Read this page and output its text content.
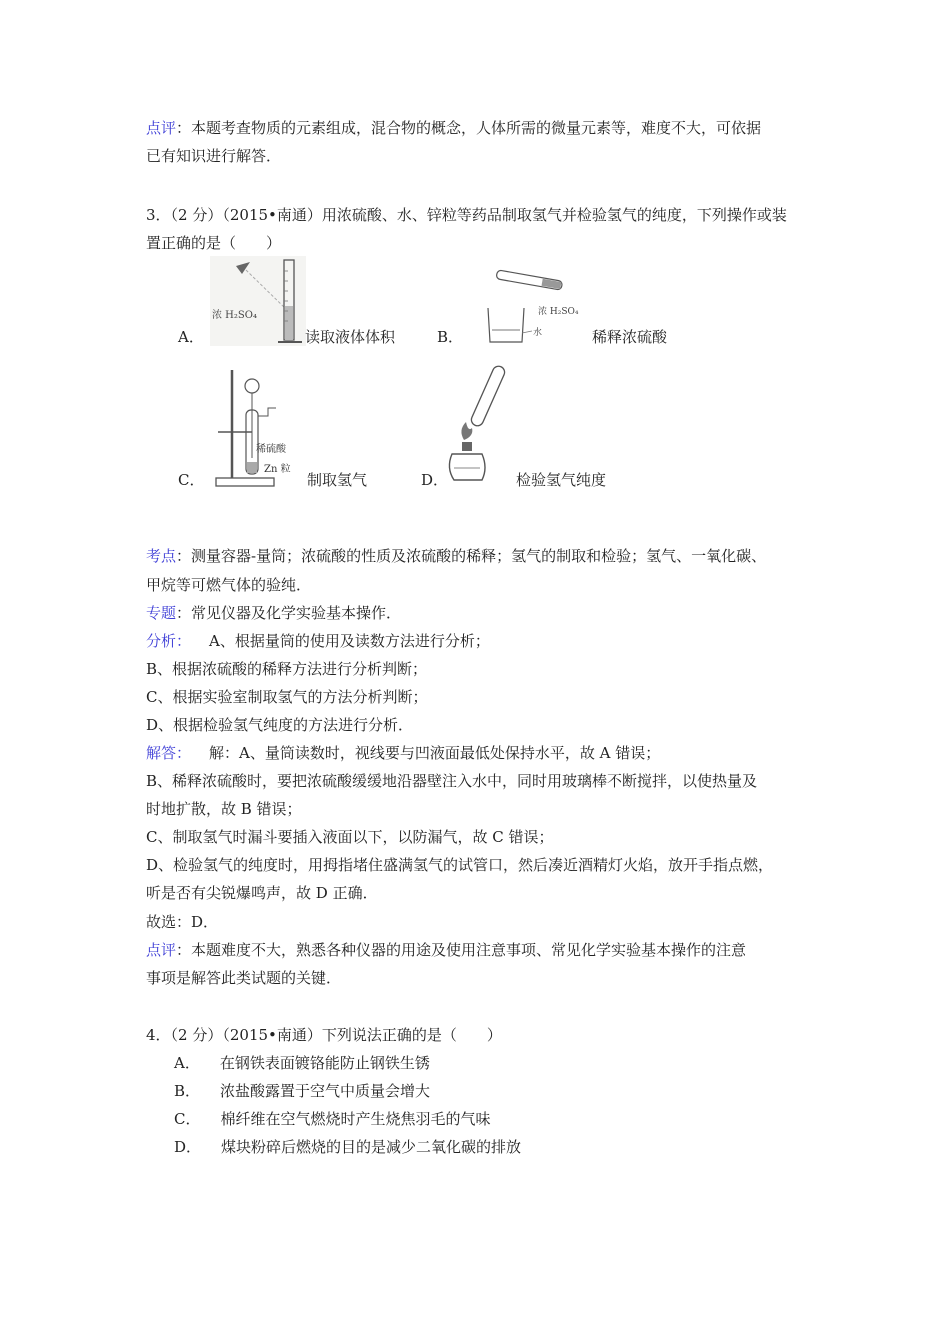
点评：本题考查物质的元素组成，混合物的概念，人体所需的微量元素等，难度不大，可依据
已有知识进行解答．
3．（2 分）（2015•南通）用浓硫酸、水、锌粒等药品制取氢气并检验氢气的纯度，下列操作或装
置正确的是（　　）
浓 H₂SO₄
A．	读取液体体积
浓 H₂SO₄
水
B．	稀释浓硫酸
稀硫酸
Zn 粒
C．	制取氢气	D．	检验氢气纯度
考点：测量容器-量筒；浓硫酸的性质及浓硫酸的稀释；氢气的制取和检验；氢气、一氧化碳、
甲烷等可燃气体的验纯．
专题：常见仪器及化学实验基本操作．
分析： A、根据量筒的使用及读数方法进行分析；
B、根据浓硫酸的稀释方法进行分析判断；
C、根据实验室制取氢气的方法分析判断；
D、根据检验氢气纯度的方法进行分析．
解答： 解：A、量筒读数时，视线要与凹液面最低处保持水平，故 A 错误；
B、稀释浓硫酸时，要把浓硫酸缓缓地沿器壁注入水中，同时用玻璃棒不断搅拌，以使热量及
时地扩散，故 B 错误；
C、制取氢气时漏斗要插入液面以下，以防漏气，故 C 错误；
D、检验氢气的纯度时，用拇指堵住盛满氢气的试管口，然后凑近酒精灯火焰，放开手指点燃，
听是否有尖锐爆鸣声，故 D 正确．
故选：D．
点评：本题难度不大，熟悉各种仪器的用途及使用注意事项、常见化学实验基本操作的注意
事项是解答此类试题的关键．
4．（2 分）（2015•南通）下列说法正确的是（　　）
A． 在钢铁表面镀铬能防止钢铁生锈
B． 浓盐酸露置于空气中质量会增大
C． 棉纤维在空气燃烧时产生烧焦羽毛的气味
D． 煤块粉碎后燃烧的目的是减少二氧化碳的排放
